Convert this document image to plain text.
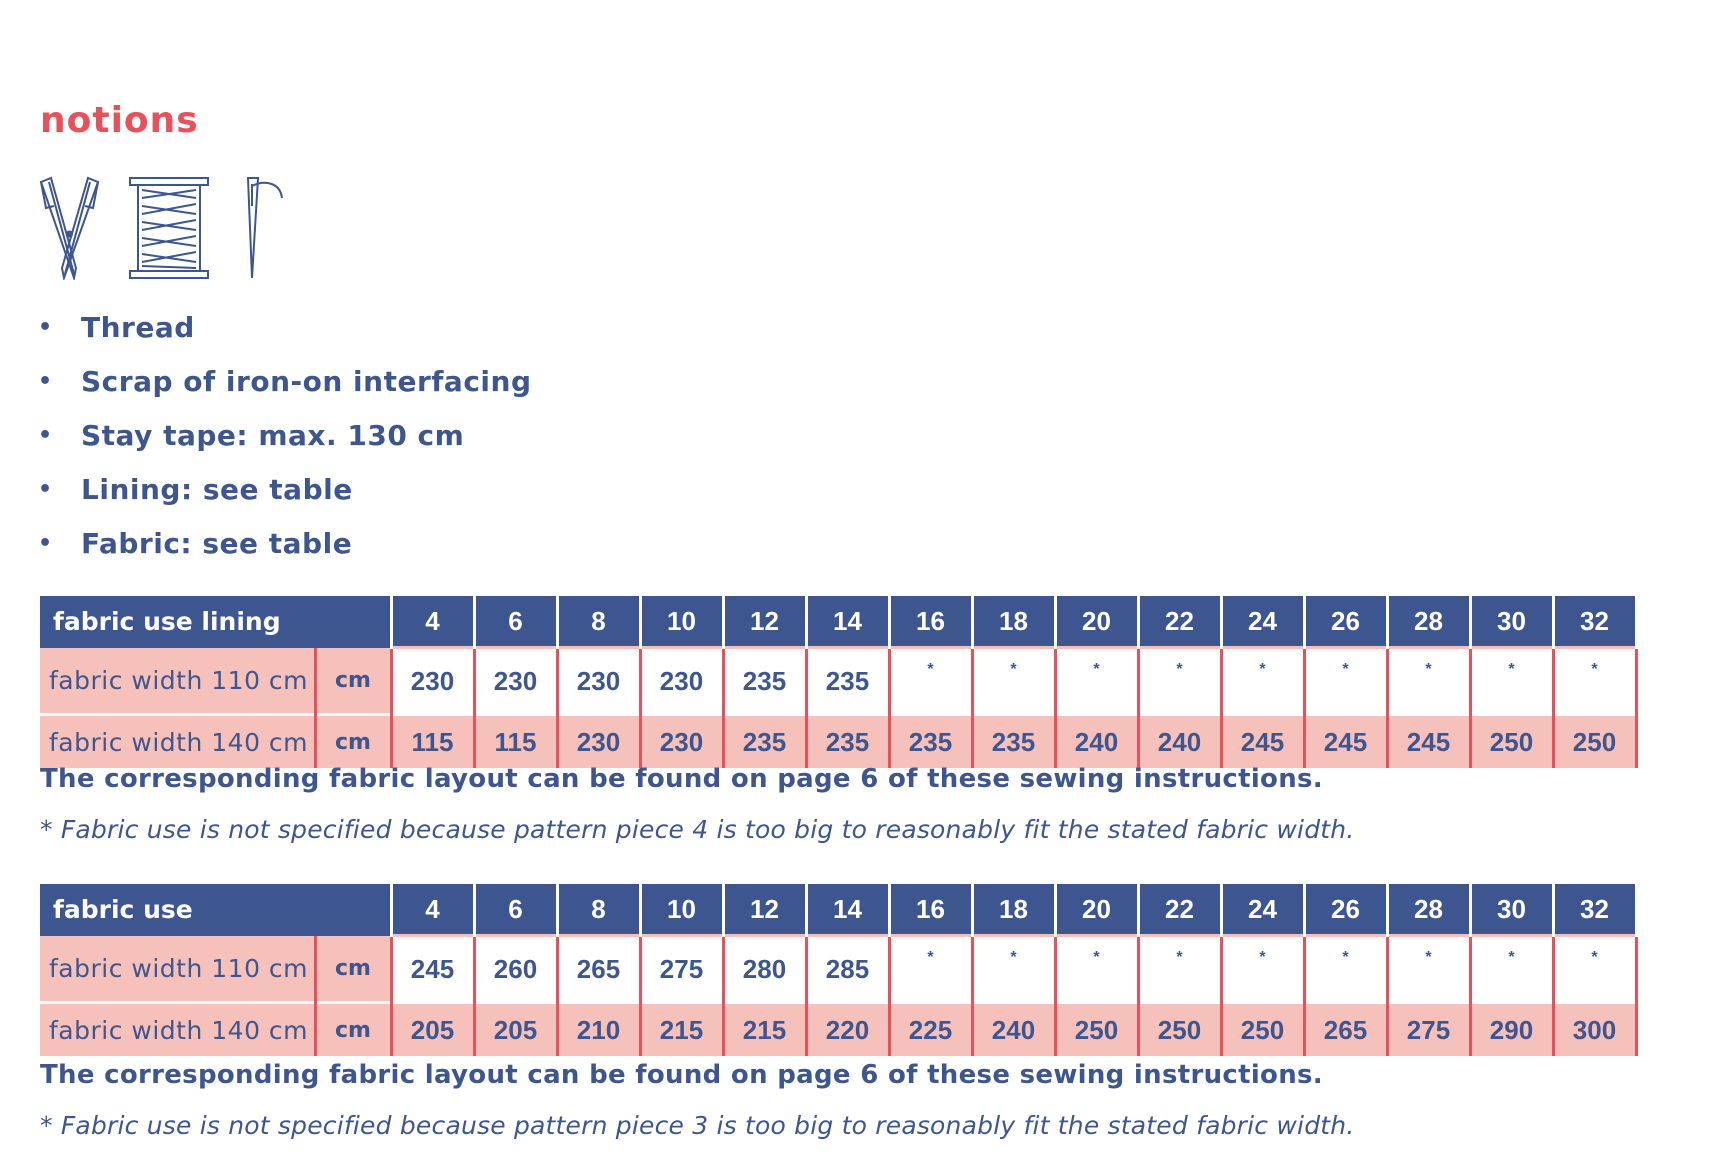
notions
• Thread
• Scrap of iron-on interfacing
• Stay tape: max. 130 cm
• Lining: see table
• Fabric: see table
fabric use lining		4	6	8	10	12	14	16	18	20	22	24	26	28	30	32
fabric width 110 cm	cm	230	230	230	230	235	235	*	*	*	*	*	*	*	*	*
fabric width 140 cm	cm	115	115	230	230	235	235	235	235	240	240	245	245	245	250	250

The corresponding fabric layout can be found on page 6 of these sewing instructions.

* Fabric use is not specified because pattern piece 4 is too big to reasonably fit the stated fabric width.

fabric use		4	6	8	10	12	14	16	18	20	22	24	26	28	30	32
fabric width 110 cm	cm	245	260	265	275	280	285	*	*	*	*	*	*	*	*	*
fabric width 140 cm	cm	205	205	210	215	215	220	225	240	250	250	250	265	275	290	300

The corresponding fabric layout can be found on page 6 of these sewing instructions.

* Fabric use is not specified because pattern piece 3 is too big to reasonably fit the stated fabric width.
